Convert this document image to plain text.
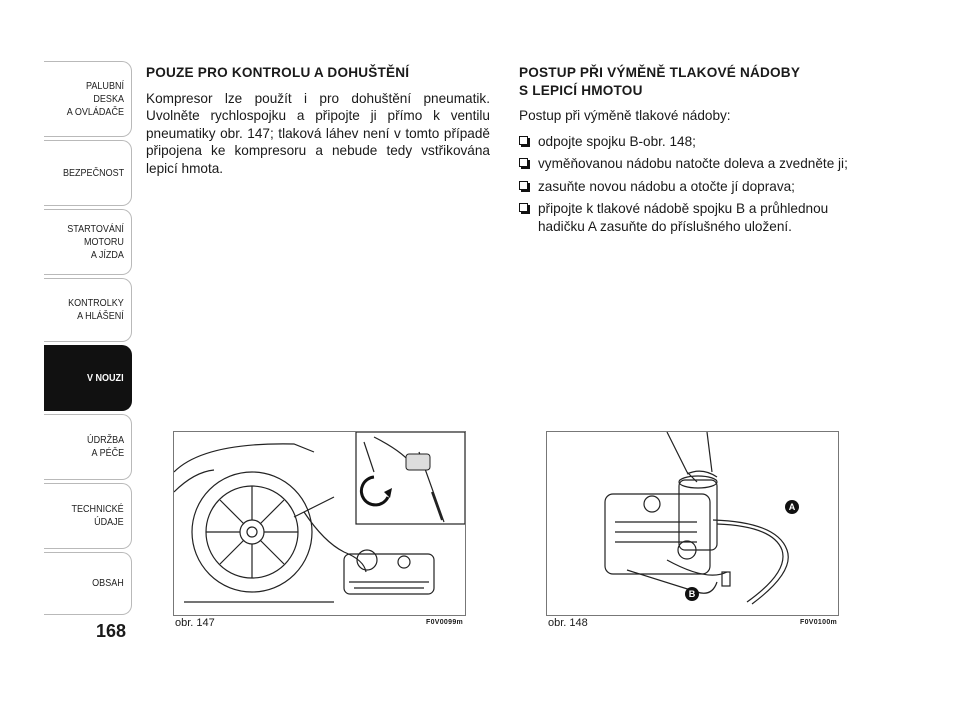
PALUBNÍ DESKA
A OVLÁDAČE
BEZPEČNOST
STARTOVÁNÍ
MOTORU
A JÍZDA
KONTROLKY
A HLÁŠENÍ
V NOUZI
ÚDRŽBA
A PÉČE
TECHNICKÉ
ÚDAJE
OBSAH
168
POUZE PRO KONTROLU A DOHUŠTĚNÍ

Kompresor lze použít i pro dohuštění pneumatik. Uvolněte rychlospojku a připojte ji přímo k ventilu pneumatiky obr. 147; tlaková láhev není v tomto případě připojena ke kompresoru a nebude tedy vstřikována lepicí hmota.

POSTUP PŘI VÝMĚNĚ TLAKOVÉ NÁDOBY
S LEPICÍ HMOTOU

Postup při výměně tlakové nádoby:

odpojte spojku B-obr. 148;
vyměňovanou nádobu natočte doleva a zvedněte ji;
zasuňte novou nádobu a otočte jí doprava;
připojte k tlakové nádobě spojku B a průhlednou hadičku A zasuňte do příslušného uložení.
obr. 147	F0V0099m
A
B
obr. 148	F0V0100m
